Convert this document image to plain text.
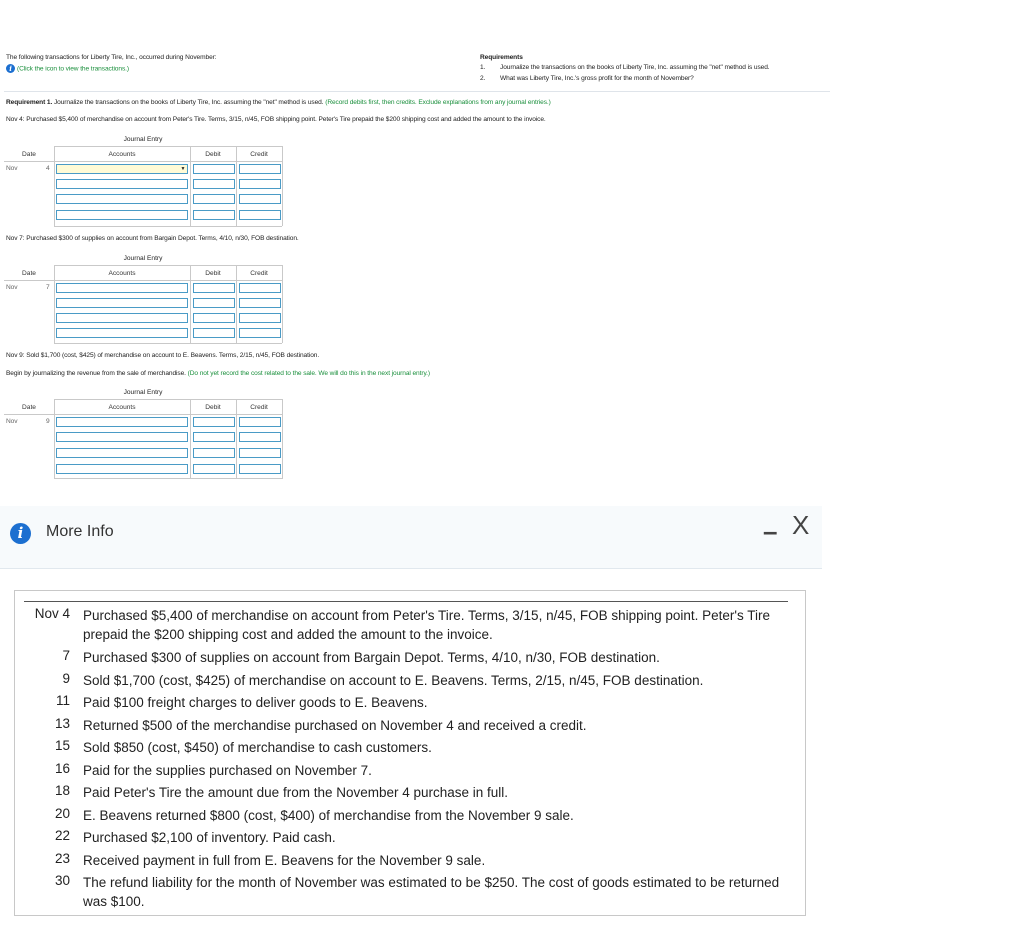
The following transactions for Liberty Tire, Inc., occurred during November:
i (Click the icon to view the transactions.)
Requirements
1. Journalize the transactions on the books of Liberty Tire, Inc. assuming the "net" method is used.
2. What was Liberty Tire, Inc.'s gross profit for the month of November?
Requirement 1. Journalize the transactions on the books of Liberty Tire, Inc. assuming the "net" method is used. (Record debits first, then credits. Exclude explanations from any journal entries.)
Nov 4: Purchased $5,400 of merchandise on account from Peter's Tire. Terms, 3/15, n/45, FOB shipping point. Peter's Tire prepaid the $200 shipping cost and added the amount to the invoice.
Journal Entry
Date	Accounts	Debit	Credit
Nov	4	▼
Nov 7: Purchased $300 of supplies on account from Bargain Depot. Terms, 4/10, n/30, FOB destination.
Journal Entry
Date	Accounts	Debit	Credit
Nov	7
Nov 9: Sold $1,700 (cost, $425) of merchandise on account to E. Beavens. Terms, 2/15, n/45, FOB destination.
Begin by journalizing the revenue from the sale of merchandise. (Do not yet record the cost related to the sale. We will do this in the next journal entry.)
Journal Entry
Date	Accounts	Debit	Credit
Nov	9
i	More Info	– X
Nov 4 Purchased $5,400 of merchandise on account from Peter's Tire. Terms, 3/15, n/45, FOB shipping point. Peter's Tire prepaid the $200 shipping cost and added the amount to the invoice.
7 Purchased $300 of supplies on account from Bargain Depot. Terms, 4/10, n/30, FOB destination.
9 Sold $1,700 (cost, $425) of merchandise on account to E. Beavens. Terms, 2/15, n/45, FOB destination.
11 Paid $100 freight charges to deliver goods to E. Beavens.
13 Returned $500 of the merchandise purchased on November 4 and received a credit.
15 Sold $850 (cost, $450) of merchandise to cash customers.
16 Paid for the supplies purchased on November 7.
18 Paid Peter's Tire the amount due from the November 4 purchase in full.
20 E. Beavens returned $800 (cost, $400) of merchandise from the November 9 sale.
22 Purchased $2,100 of inventory. Paid cash.
23 Received payment in full from E. Beavens for the November 9 sale.
30 The refund liability for the month of November was estimated to be $250. The cost of goods estimated to be returned was $100.
